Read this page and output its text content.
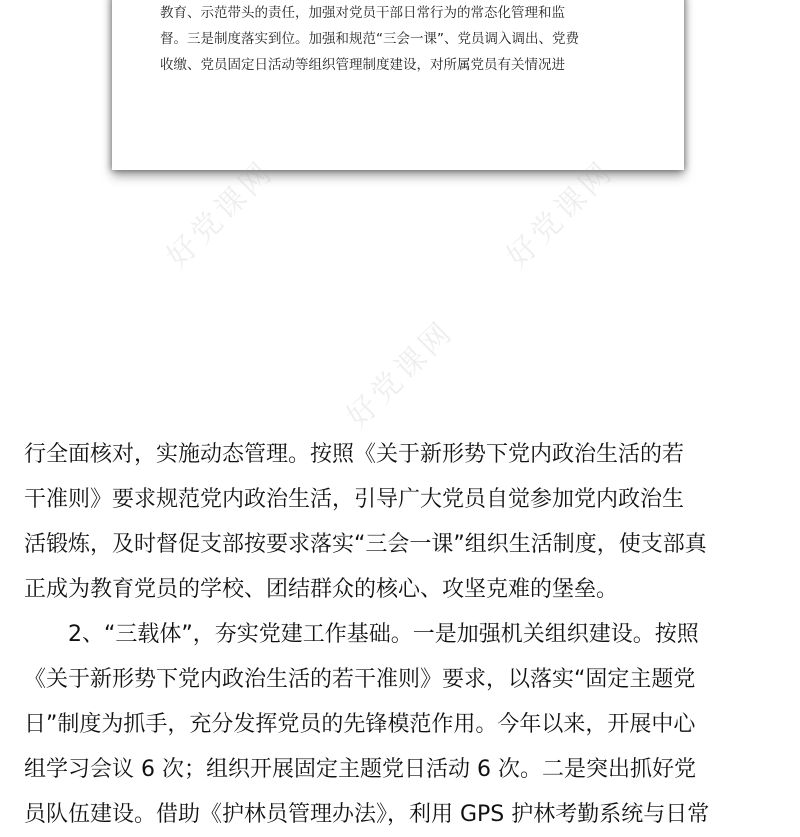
教育、示范带头的责任，加强对党员干部日常行为的常态化管理和监
督。三是制度落实到位。加强和规范“三会一课”、党员调入调出、党费
收缴、党员固定日活动等组织管理制度建设，对所属党员有关情况进
好党课网	好党课网
好党课网
行全面核对，实施动态管理。按照《关于新形势下党内政治生活的若
干准则》要求规范党内政治生活，引导广大党员自觉参加党内政治生
活锻炼，及时督促支部按要求落实“三会一课”组织生活制度，使支部真
正成为教育党员的学校、团结群众的核心、攻坚克难的堡垒。
2、“三载体”，夯实党建工作基础。一是加强机关组织建设。按照
《关于新形势下党内政治生活的若干准则》要求，以落实“固定主题党
日”制度为抓手，充分发挥党员的先锋模范作用。今年以来，开展中心
组学习会议 6 次；组织开展固定主题党日活动 6 次。二是突出抓好党
员队伍建设。借助《护林员管理办法》，利用 GPS 护林考勤系统与日常
